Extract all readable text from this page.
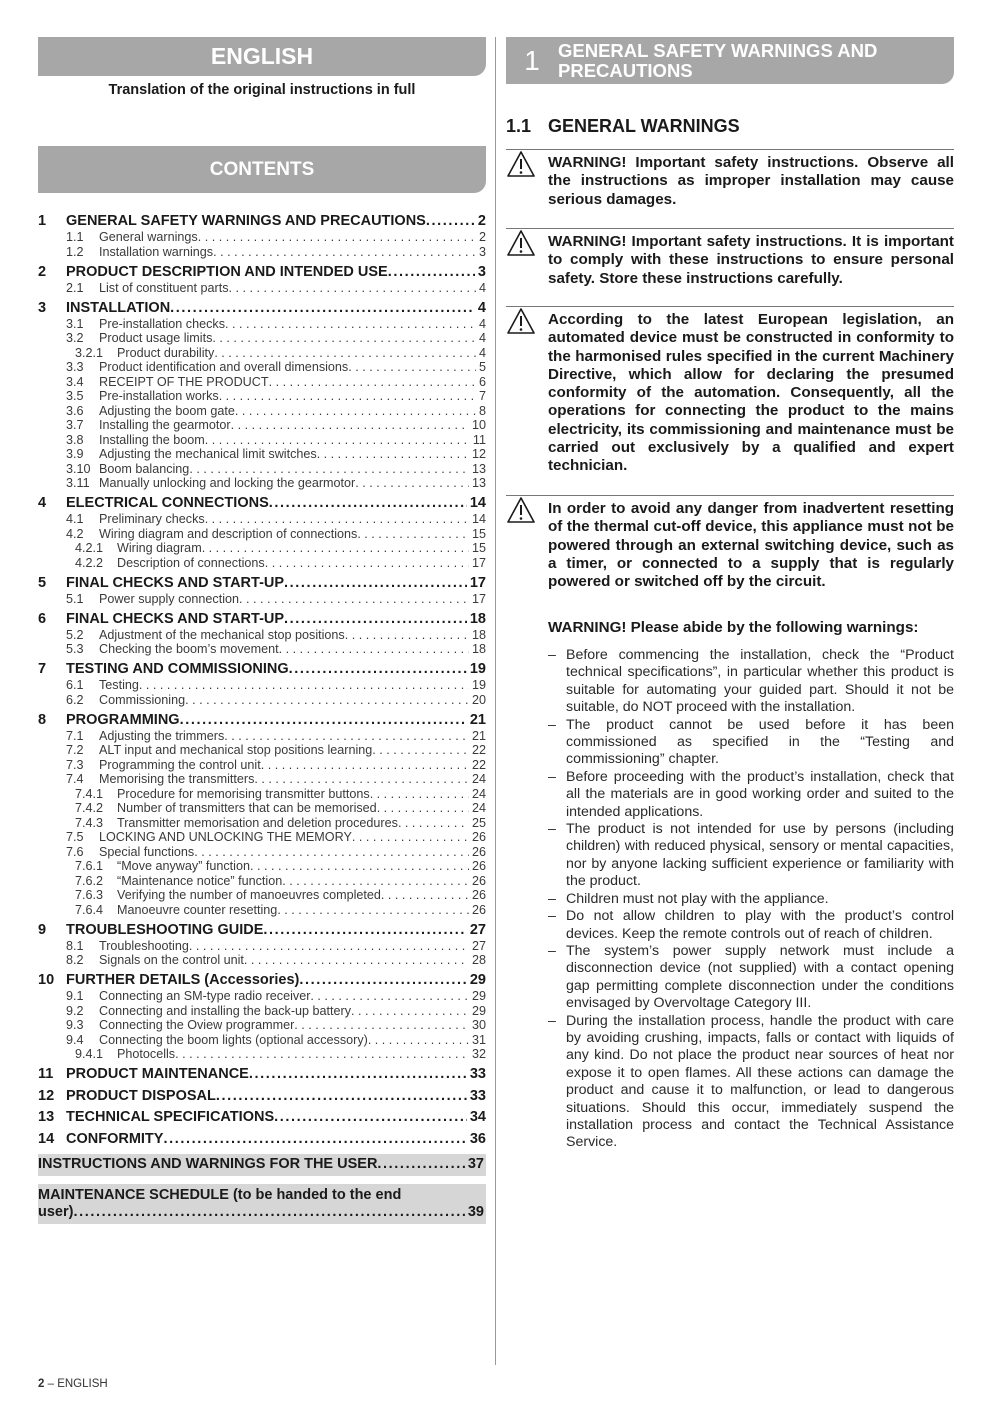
ENGLISH
Translation of the original instructions in full
CONTENTS
1	GENERAL SAFETY WARNINGS AND PRECAUTIONS .....	2
1.1	General warnings . . .	2
1.2	Installation warnings . . .	3
2	PRODUCT DESCRIPTION AND INTENDED USE .....	3
2.1	List of constituent parts . . .	4
3	INSTALLATION .....	4
3.1	Pre-installation checks . . .	4
3.2	Product usage limits . . .	4
3.2.1	Product durability . . .	4
3.3	Product identification and overall dimensions . . .	5
3.4	RECEIPT OF THE PRODUCT . . .	6
3.5	Pre-installation works . . .	7
3.6	Adjusting the boom gate . . .	8
3.7	Installing the gearmotor . . .	10
3.8	Installing the boom . . .	11
3.9	Adjusting the mechanical limit switches . . .	12
3.10 Boom balancing . . .	13
3.11 Manually unlocking and locking the gearmotor . . .	13
4	ELECTRICAL CONNECTIONS .....	14
4.1	Preliminary checks . . .	14
4.2	Wiring diagram and description of connections . . .	15
4.2.1	Wiring diagram . . .	15
4.2.2	Description of connections . . .	17
5	FINAL CHECKS AND START-UP .....	17
5.1	Power supply connection . . .	17
6	FINAL CHECKS AND START-UP .....	18
5.2	Adjustment of the mechanical stop positions . . .	18
5.3	Checking the boom’s movement . . .	18
7	TESTING AND COMMISSIONING .....	19
6.1	Testing . . .	19
6.2	Commissioning . . .	20
8	PROGRAMMING .....	21
7.1	Adjusting the trimmers . . .	21
7.2	ALT input and mechanical stop positions learning . . .	22
7.3	Programming the control unit . . .	22
7.4	Memorising the transmitters . . .	24
7.4.1	Procedure for memorising transmitter buttons . . .	24
7.4.2	Number of transmitters that can be memorised . . .	24
7.4.3	Transmitter memorisation and deletion procedures . . .	25
7.5	LOCKING AND UNLOCKING THE MEMORY . . .	26
7.6	Special functions . . .	26
7.6.1	“Move anyway” function . . .	26
7.6.2	“Maintenance notice” function . . .	26
7.6.3	Verifying the number of manoeuvres completed . . .	26
7.6.4	Manoeuvre counter resetting . . .	26
9	TROUBLESHOOTING GUIDE .....	27
8.1	Troubleshooting . . .	27
8.2	Signals on the control unit . . .	28
10 FURTHER DETAILS (Accessories) .....	29
9.1	Connecting an SM-type radio receiver . . .	29
9.2	Connecting and installing the back-up battery . . .	29
9.3	Connecting the Oview programmer . . .	30
9.4	Connecting the boom lights (optional accessory) . . .	31
9.4.1	Photocells . . .	32
11 PRODUCT MAINTENANCE .....	33
12 PRODUCT DISPOSAL .....	33
13 TECHNICAL SPECIFICATIONS .....	34
14 CONFORMITY .....	36
INSTRUCTIONS AND WARNINGS FOR THE USER .....	37
MAINTENANCE SCHEDULE (to be handed to the end
user) .....	39
2 – ENGLISH
1 GENERAL SAFETY WARNINGS AND PRECAUTIONS
1.1 GENERAL WARNINGS

WARNING! Important safety instructions. Observe all the instructions as improper installation may cause serious damages.

WARNING! Important safety instructions. It is important to comply with these instructions to ensure personal safety. Store these instructions carefully.

According to the latest European legislation, an automated device must be constructed in conformity to the harmonised rules specified in the current Machinery Directive, which allow for declaring the presumed conformity of the automation. Consequently, all the operations for connecting the product to the mains electricity, its commissioning and maintenance must be carried out exclusively by a qualified and expert technician.

In order to avoid any danger from inadvertent resetting of the thermal cut-off device, this appliance must not be powered through an external switching device, such as a timer, or connected to a supply that is regularly powered or switched off by the circuit.

WARNING! Please abide by the following warnings:
– Before commencing the installation, check the “Product technical specifications”, in particular whether this product is suitable for automating your guided part. Should it not be suitable, do NOT proceed with the installation.
– The product cannot be used before it has been commissioned as specified in the “Testing and commissioning” chapter.
– Before proceeding with the product’s installation, check that all the materials are in good working order and suited to the intended applications.
– The product is not intended for use by persons (including children) with reduced physical, sensory or mental capacities, nor by anyone lacking sufficient experience or familiarity with the product.
– Children must not play with the appliance.
– Do not allow children to play with the product’s control devices. Keep the remote controls out of reach of children.
– The system’s power supply network must include a disconnection device (not supplied) with a contact opening gap permitting complete disconnection under the conditions envisaged by Overvoltage Category III.
– During the installation process, handle the product with care by avoiding crushing, impacts, falls or contact with liquids of any kind. Do not place the product near sources of heat nor expose it to open flames. All these actions can damage the product and cause it to malfunction, or lead to dangerous situations. Should this occur, immediately suspend the installation process and contact the Technical Assistance Service.
